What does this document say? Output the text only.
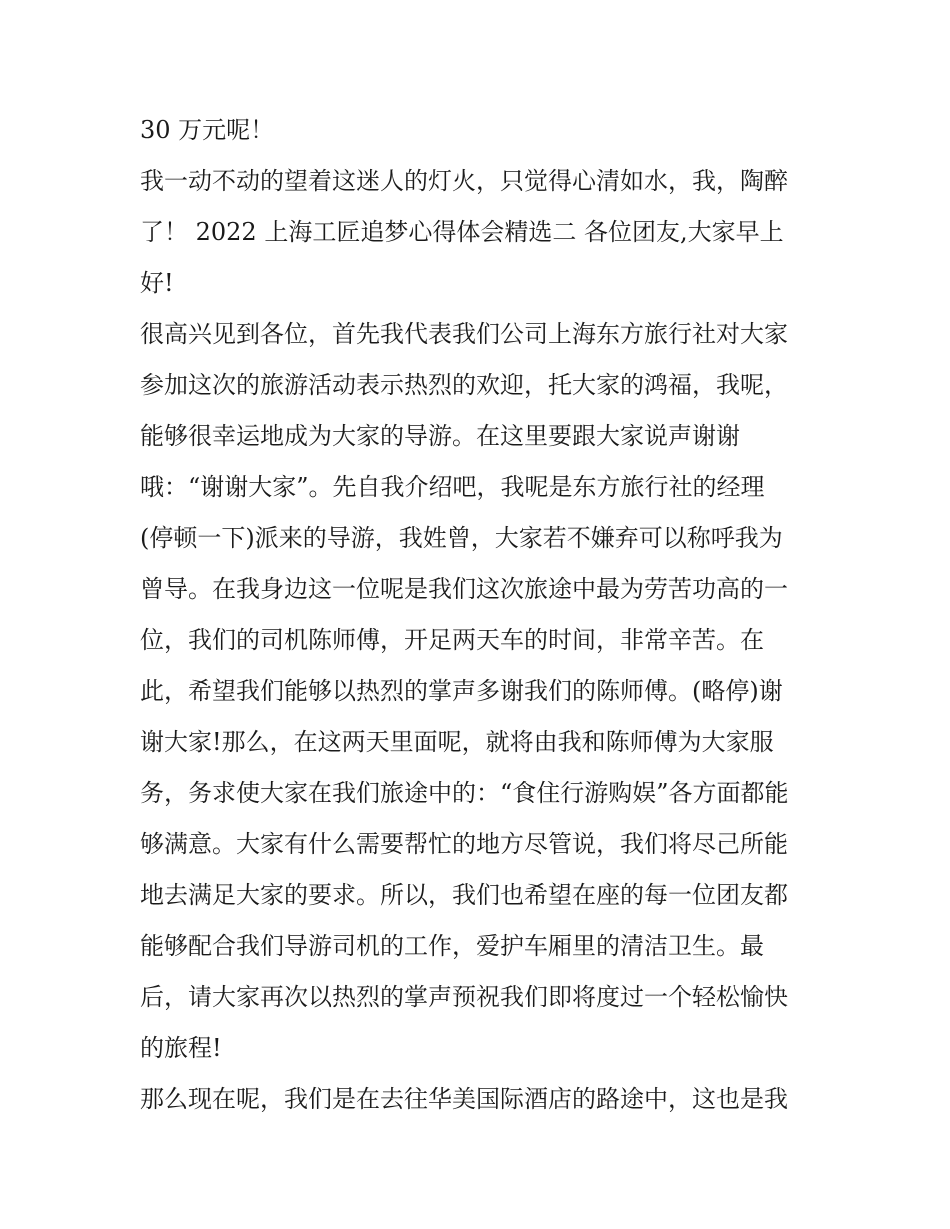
30 万元呢！

我一动不动的望着这迷人的灯火，只觉得心清如水，我，陶醉
了！ 2022 上海工匠追梦心得体会精选二 各位团友,大家早上
好!

很高兴见到各位，首先我代表我们公司上海东方旅行社对大家
参加这次的旅游活动表示热烈的欢迎，托大家的鸿福，我呢，
能够很幸运地成为大家的导游。在这里要跟大家说声谢谢
哦：“谢谢大家”。先自我介绍吧，我呢是东方旅行社的经理
(停顿一下)派来的导游，我姓曾，大家若不嫌弃可以称呼我为
曾导。在我身边这一位呢是我们这次旅途中最为劳苦功高的一
位，我们的司机陈师傅，开足两天车的时间，非常辛苦。在
此，希望我们能够以热烈的掌声多谢我们的陈师傅。(略停)谢
谢大家!那么，在这两天里面呢，就将由我和陈师傅为大家服
务，务求使大家在我们旅途中的：“食住行游购娱”各方面都能
够满意。大家有什么需要帮忙的地方尽管说，我们将尽己所能
地去满足大家的要求。所以，我们也希望在座的每一位团友都
能够配合我们导游司机的工作，爱护车厢里的清洁卫生。最
后，请大家再次以热烈的掌声预祝我们即将度过一个轻松愉快
的旅程!

那么现在呢，我们是在去往华美国际酒店的路途中，这也是我
